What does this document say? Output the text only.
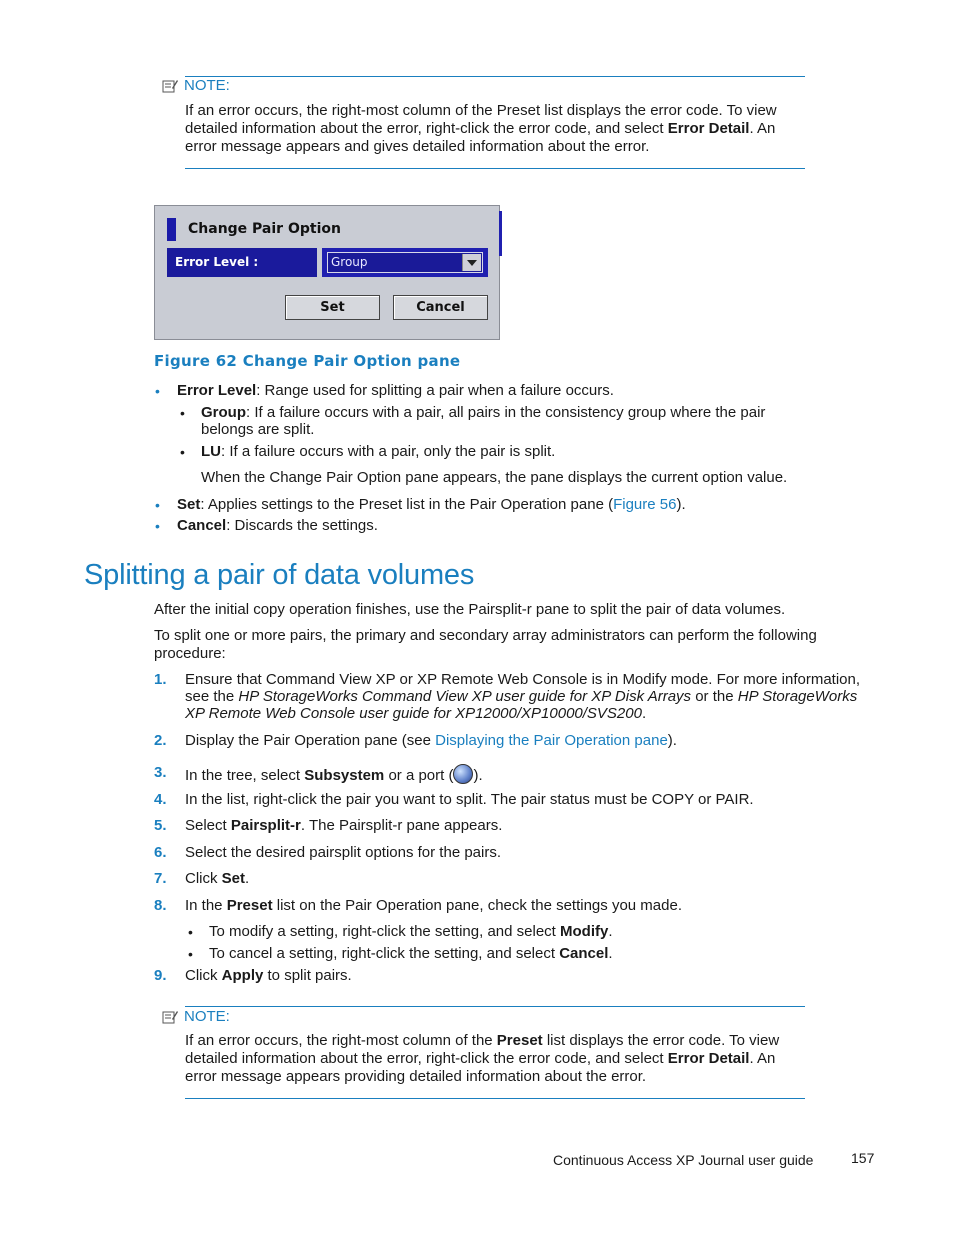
NOTE:
If an error occurs, the right-most column of the Preset list displays the error code. To view
detailed information about the error, right-click the error code, and select Error Detail. An
error message appears and gives detailed information about the error.
Change Pair Option
Error Level :	Group
Set	Cancel
Figure 62 Change Pair Option pane
• Error Level: Range used for splitting a pair when a failure occurs.
• Group: If a failure occurs with a pair, all pairs in the consistency group where the pair
belongs are split.
• LU: If a failure occurs with a pair, only the pair is split.
When the Change Pair Option pane appears, the pane displays the current option value.
• Set: Applies settings to the Preset list in the Pair Operation pane (Figure 56).
• Cancel: Discards the settings.
Splitting a pair of data volumes
After the initial copy operation finishes, use the Pairsplit-r pane to split the pair of data volumes.
To split one or more pairs, the primary and secondary array administrators can perform the following
procedure:
1. Ensure that Command View XP or XP Remote Web Console is in Modify mode. For more information,
see the HP StorageWorks Command View XP user guide for XP Disk Arrays or the HP StorageWorks
XP Remote Web Console user guide for XP12000/XP10000/SVS200.
2. Display the Pair Operation pane (see Displaying the Pair Operation pane).
3. In the tree, select Subsystem or a port ( ).
4. In the list, right-click the pair you want to split. The pair status must be COPY or PAIR.
5. Select Pairsplit-r. The Pairsplit-r pane appears.
6. Select the desired pairsplit options for the pairs.
7. Click Set.
8. In the Preset list on the Pair Operation pane, check the settings you made.
• To modify a setting, right-click the setting, and select Modify.
• To cancel a setting, right-click the setting, and select Cancel.
9. Click Apply to split pairs.
NOTE:
If an error occurs, the right-most column of the Preset list displays the error code. To view
detailed information about the error, right-click the error code, and select Error Detail. An
error message appears providing detailed information about the error.
Continuous Access XP Journal user guide	157
